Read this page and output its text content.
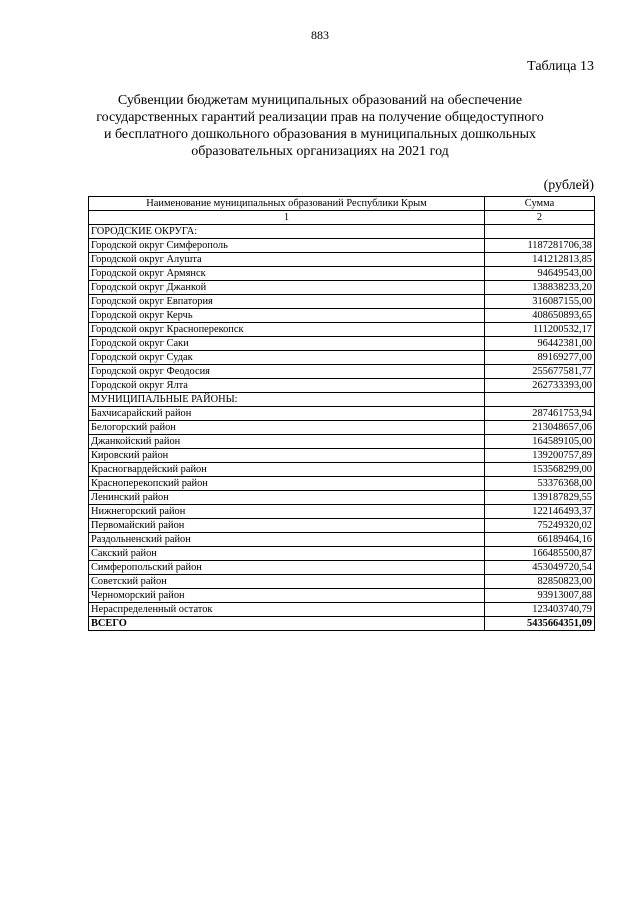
883
Таблица 13
Субвенции бюджетам муниципальных образований на обеспечение
государственных гарантий реализации прав на получение общедоступного
и бесплатного дошкольного образования в муниципальных дошкольных
образовательных организациях на 2021 год
(рублей)
Наименование муниципальных образований Республики Крым	Сумма
1	2
ГОРОДСКИЕ ОКРУГА:	
Городской округ Симферополь	1187281706,38
Городской округ Алушта	141212813,85
Городской округ Армянск	94649543,00
Городской округ Джанкой	138838233,20
Городской округ Евпатория	316087155,00
Городской округ Керчь	408650893,65
Городской округ Красноперекопск	111200532,17
Городской округ Саки	96442381,00
Городской округ Судак	89169277,00
Городской округ Феодосия	255677581,77
Городской округ Ялта	262733393,00
МУНИЦИПАЛЬНЫЕ РАЙОНЫ:	
Бахчисарайский район	287461753,94
Белогорский район	213048657,06
Джанкойский район	164589105,00
Кировский район	139200757,89
Красногвардейский район	153568299,00
Красноперекопский район	53376368,00
Ленинский район	139187829,55
Нижнегорский район	122146493,37
Первомайский район	75249320,02
Раздольненский район	66189464,16
Сакский район	166485500,87
Симферопольский район	453049720,54
Советский район	82850823,00
Черноморский район	93913007,88
Нераспределенный остаток	123403740,79
ВСЕГО	5435664351,09
